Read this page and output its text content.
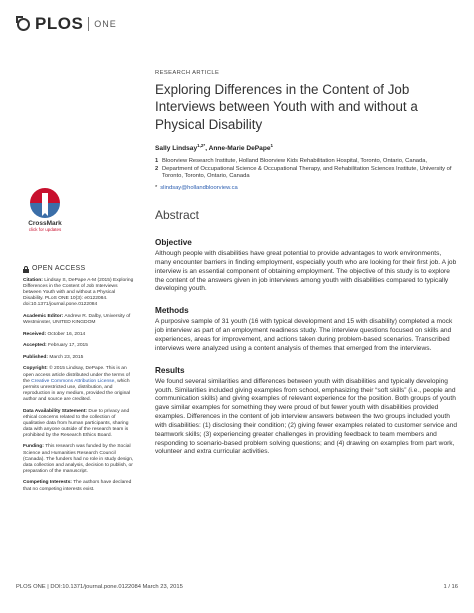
PLOS ONE
CrossMark
click for updates
OPEN ACCESS
Citation: Lindsay S, DePape A-M (2015) Exploring Differences in the Content of Job Interviews between Youth with and without a Physical Disability. PLoS ONE 10(3): e0122084. doi:10.1371/journal.pone.0122084
Academic Editor: Andrew R. Dalby, University of Westminster, UNITED KINGDOM
Received: October 16, 2014
Accepted: February 17, 2015
Published: March 23, 2015
Copyright: © 2015 Lindsay, DePape. This is an open access article distributed under the terms of the Creative Commons Attribution License, which permits unrestricted use, distribution, and reproduction in any medium, provided the original author and source are credited.
Data Availability Statement: Due to privacy and ethical concerns related to the collection of qualitative data from human participants, sharing data with anyone outside of the research team is prohibited by the Research Ethics Board.
Funding: This research was funded by the Social Science and Humanities Research Council (Canada). The funders had no role in study design, data collection and analysis, decision to publish, or preparation of the manuscript.
Competing Interests: The authors have declared that no competing interests exist.
RESEARCH ARTICLE
Exploring Differences in the Content of Job Interviews between Youth with and without a Physical Disability
Sally Lindsay$^{1,2*}$, Anne-Marie DePape$^1$
1 Bloorview Research Institute, Holland Bloorview Kids Rehabilitation Hospital, Toronto, Ontario, Canada,
2 Department of Occupational Science & Occupational Therapy, and Rehabilitation Sciences Institute, University of Toronto, Toronto, Ontario, Canada
* slindsay@hollandbloorview.ca
Abstract
Objective

Although people with disabilities have great potential to provide advantages to work environments, many encounter barriers in finding employment, especially youth who are looking for their first job. A job interview is an essential component of obtaining employment. The objective of this study is to explore the content of the answers given in job interviews among youth with disabilities compared to typically developing youth.

Methods

A purposive sample of 31 youth (16 with typical development and 15 with disability) completed a mock job interview as part of an employment readiness study. The interview questions focused on skills and experiences, areas for improvement, and actions taken during problem-based scenarios. Transcribed interviews were analyzed using a content analysis of themes that emerged from the interviews.

Results

We found several similarities and differences between youth with disabilities and typically developing youth. Similarities included giving examples from school, emphasizing their “soft skills” (i.e., people and communication skills) and giving examples of relevant experience for the position. Both groups of youth gave similar examples for something they were proud of but fewer youth with disabilities provided examples. Differences in the content of job interview answers between the two groups included youth with disabilities: (1) disclosing their condition; (2) giving fewer examples related to customer service and teamwork skills; (3) experiencing greater challenges in providing feedback to team members and responding to scenario-based problem solving questions; and (4) drawing on examples from part work, volunteer and extra curricular activities.

PLOS ONE | DOI:10.1371/journal.pone.0122084 March 23, 2015	1 / 16
